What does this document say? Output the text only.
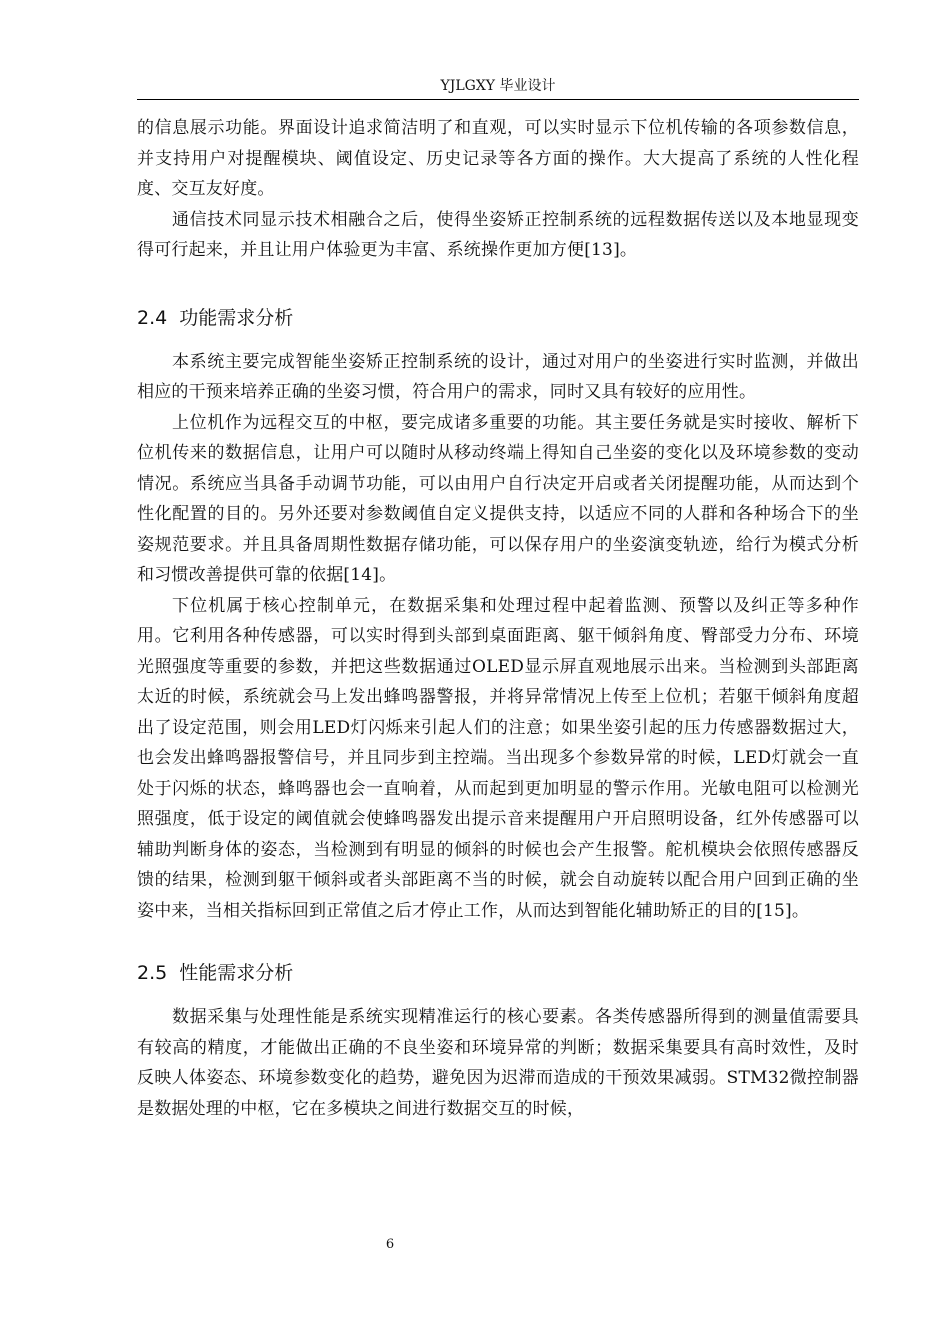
YJLGXY 毕业设计

的信息展示功能。界面设计追求简洁明了和直观，可以实时显示下位机传输的各项参数信息，并支持用户对提醒模块、阈值设定、历史记录等各方面的操作。大大提高了系统的人性化程度、交互友好度。

通信技术同显示技术相融合之后，使得坐姿矫正控制系统的远程数据传送以及本地显现变得可行起来，并且让用户体验更为丰富、系统操作更加方便[13]。

2.4 功能需求分析

本系统主要完成智能坐姿矫正控制系统的设计，通过对用户的坐姿进行实时监测，并做出相应的干预来培养正确的坐姿习惯，符合用户的需求，同时又具有较好的应用性。

上位机作为远程交互的中枢，要完成诸多重要的功能。其主要任务就是实时接收、解析下位机传来的数据信息，让用户可以随时从移动终端上得知自己坐姿的变化以及环境参数的变动情况。系统应当具备手动调节功能，可以由用户自行决定开启或者关闭提醒功能，从而达到个性化配置的目的。另外还要对参数阈值自定义提供支持，以适应不同的人群和各种场合下的坐姿规范要求。并且具备周期性数据存储功能，可以保存用户的坐姿演变轨迹，给行为模式分析和习惯改善提供可靠的依据[14]。

下位机属于核心控制单元，在数据采集和处理过程中起着监测、预警以及纠正等多种作用。它利用各种传感器，可以实时得到头部到桌面距离、躯干倾斜角度、臀部受力分布、环境光照强度等重要的参数，并把这些数据通过OLED显示屏直观地展示出来。当检测到头部距离太近的时候，系统就会马上发出蜂鸣器警报，并将异常情况上传至上位机；若躯干倾斜角度超出了设定范围，则会用LED灯闪烁来引起人们的注意；如果坐姿引起的压力传感器数据过大，也会发出蜂鸣器报警信号，并且同步到主控端。当出现多个参数异常的时候，LED灯就会一直处于闪烁的状态，蜂鸣器也会一直响着，从而起到更加明显的警示作用。光敏电阻可以检测光照强度，低于设定的阈值就会使蜂鸣器发出提示音来提醒用户开启照明设备，红外传感器可以辅助判断身体的姿态，当检测到有明显的倾斜的时候也会产生报警。舵机模块会依照传感器反馈的结果，检测到躯干倾斜或者头部距离不当的时候，就会自动旋转以配合用户回到正确的坐姿中来，当相关指标回到正常值之后才停止工作，从而达到智能化辅助矫正的目的[15]。

2.5 性能需求分析

数据采集与处理性能是系统实现精准运行的核心要素。各类传感器所得到的测量值需要具有较高的精度，才能做出正确的不良坐姿和环境异常的判断；数据采集要具有高时效性，及时反映人体姿态、环境参数变化的趋势，避免因为迟滞而造成的干预效果减弱。STM32微控制器是数据处理的中枢，它在多模块之间进行数据交互的时候，

6
